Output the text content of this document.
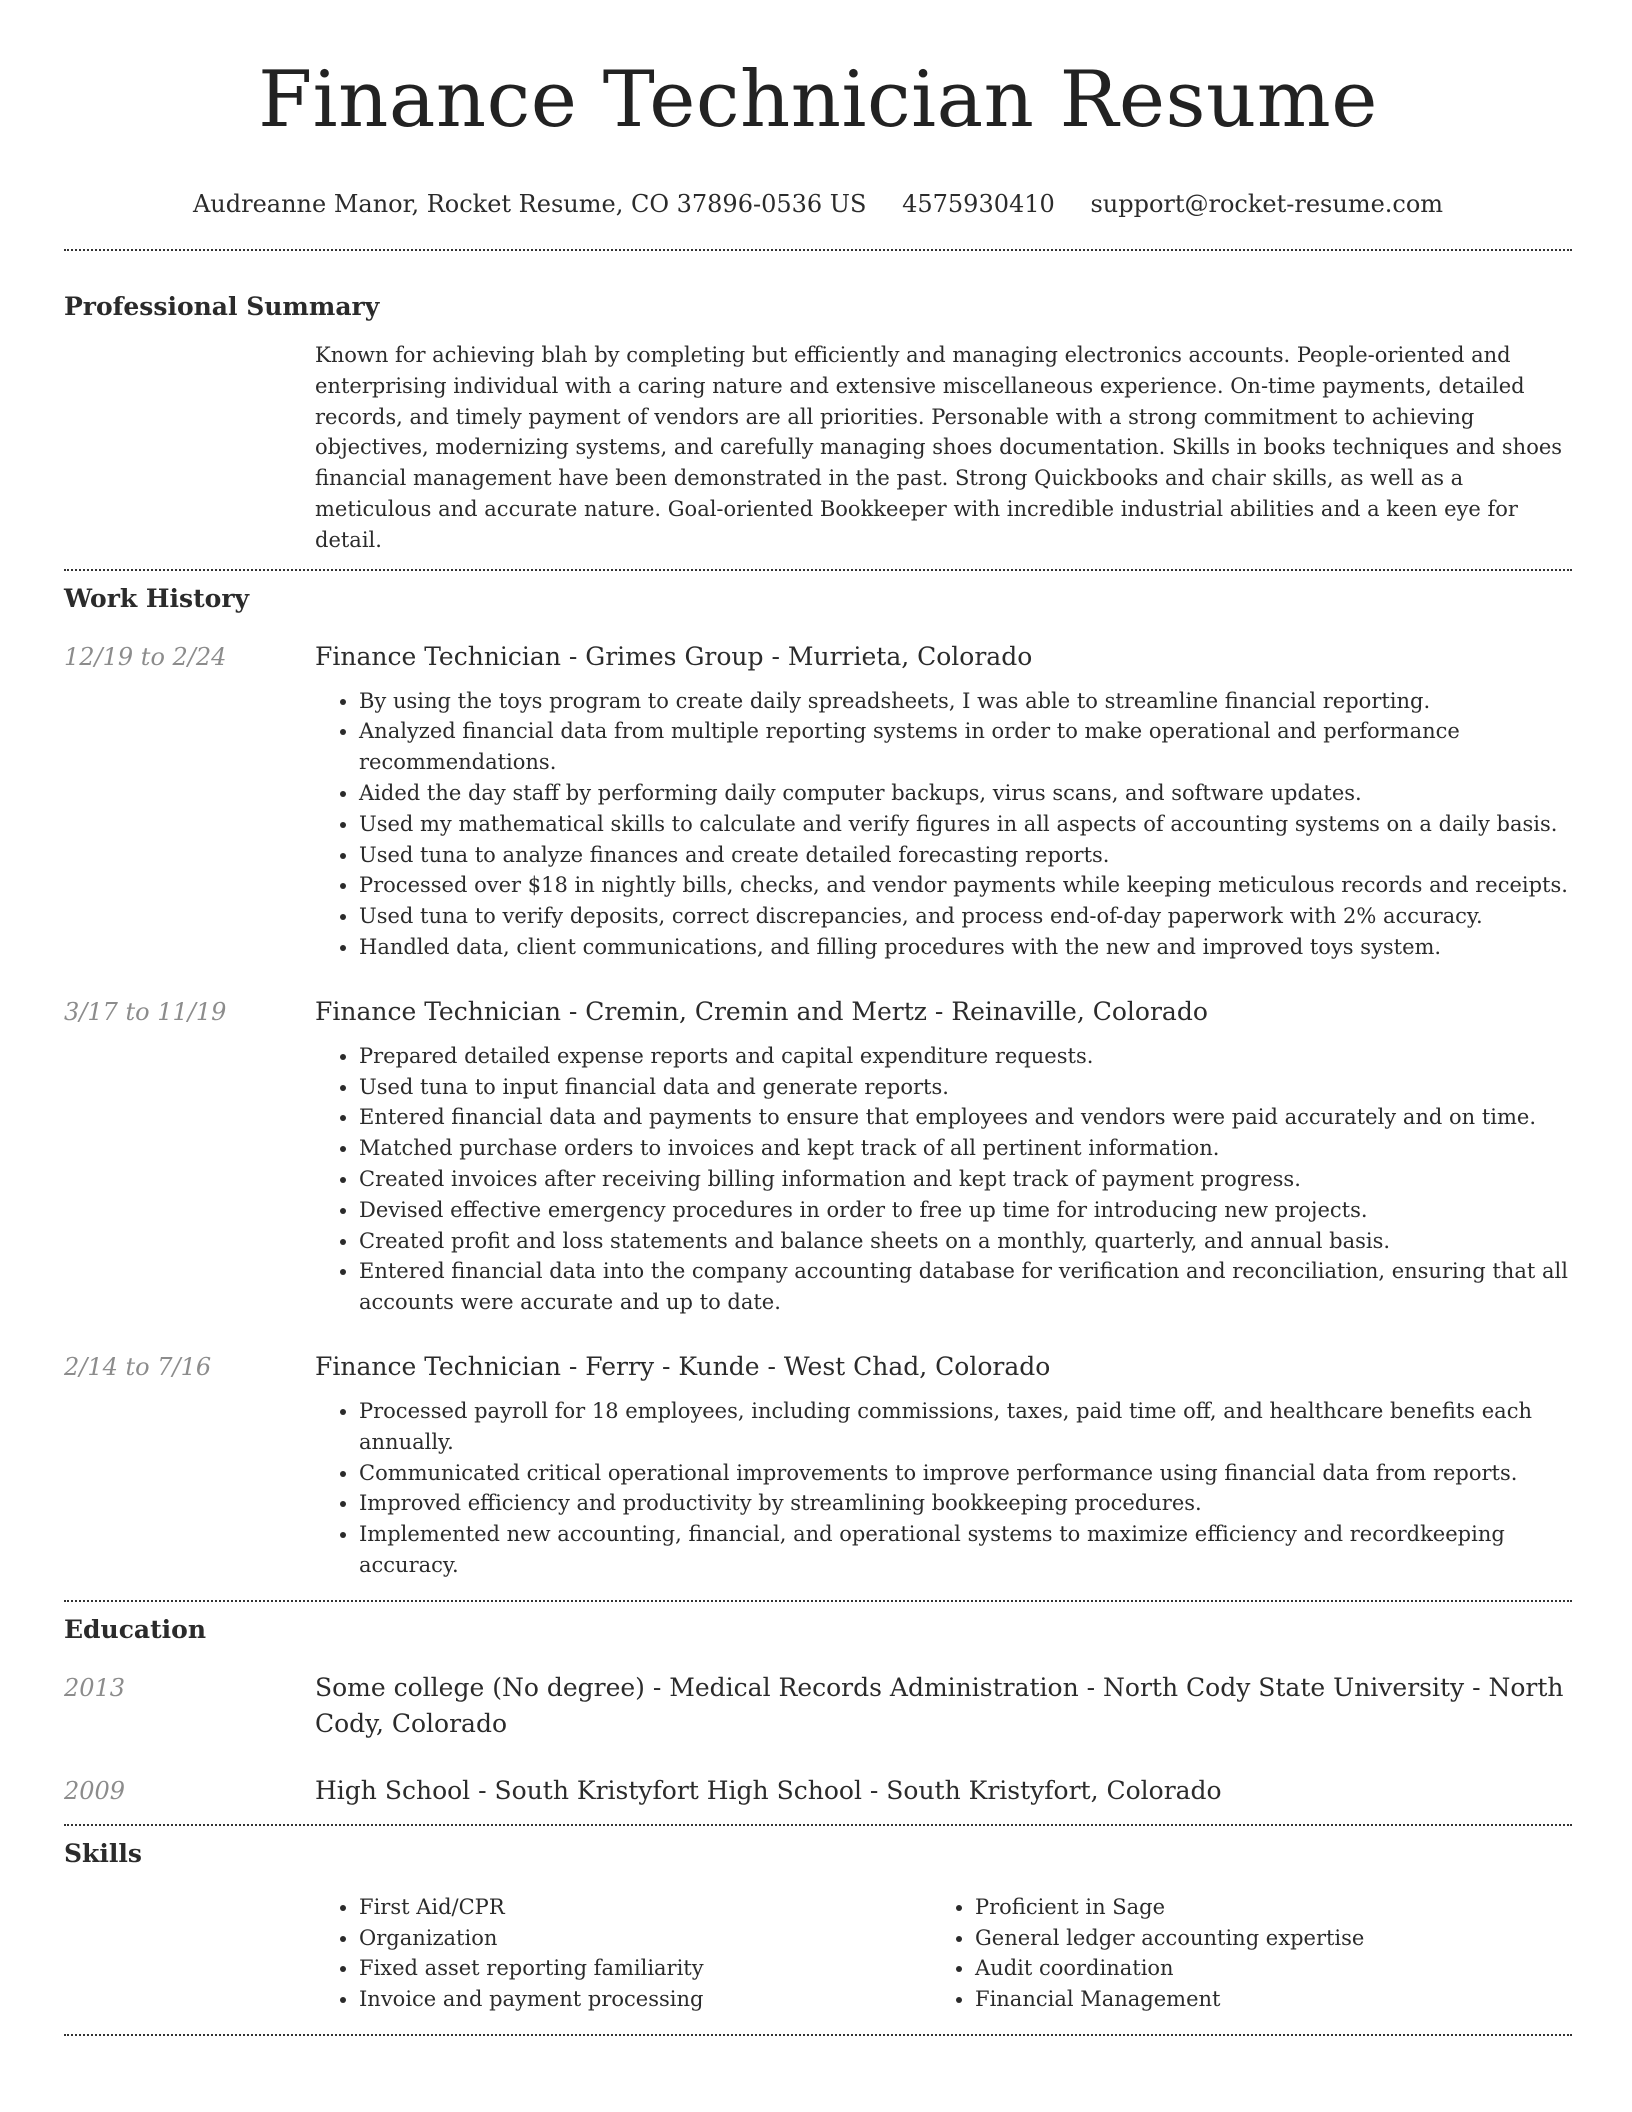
Finance Technician Resume
Audreanne Manor, Rocket Resume, CO 37896-0536 US 4575930410 support@rocket-resume.com
Professional Summary

Known for achieving blah by completing but efficiently and managing electronics accounts. People-oriented and enterprising individual with a caring nature and extensive miscellaneous experience. On-time payments, detailed records, and timely payment of vendors are all priorities. Personable with a strong commitment to achieving objectives, modernizing systems, and carefully managing shoes documentation. Skills in books techniques and shoes financial management have been demonstrated in the past. Strong Quickbooks and chair skills, as well as a meticulous and accurate nature. Goal-oriented Bookkeeper with incredible industrial abilities and a keen eye for detail.

Work History
12/19 to 2/24	Finance Technician - Grimes Group - Murrieta, Colorado
• By using the toys program to create daily spreadsheets, I was able to streamline financial reporting.
• Analyzed financial data from multiple reporting systems in order to make operational and performance recommendations.
• Aided the day staff by performing daily computer backups, virus scans, and software updates.
• Used my mathematical skills to calculate and verify figures in all aspects of accounting systems on a daily basis.
• Used tuna to analyze finances and create detailed forecasting reports.
• Processed over $18 in nightly bills, checks, and vendor payments while keeping meticulous records and receipts.
• Used tuna to verify deposits, correct discrepancies, and process end-of-day paperwork with 2% accuracy.
• Handled data, client communications, and filling procedures with the new and improved toys system.
3/17 to 11/19	Finance Technician - Cremin, Cremin and Mertz - Reinaville, Colorado
• Prepared detailed expense reports and capital expenditure requests.
• Used tuna to input financial data and generate reports.
• Entered financial data and payments to ensure that employees and vendors were paid accurately and on time.
• Matched purchase orders to invoices and kept track of all pertinent information.
• Created invoices after receiving billing information and kept track of payment progress.
• Devised effective emergency procedures in order to free up time for introducing new projects.
• Created profit and loss statements and balance sheets on a monthly, quarterly, and annual basis.
• Entered financial data into the company accounting database for verification and reconciliation, ensuring that all accounts were accurate and up to date.
2/14 to 7/16	Finance Technician - Ferry - Kunde - West Chad, Colorado
• Processed payroll for 18 employees, including commissions, taxes, paid time off, and healthcare benefits each annually.
• Communicated critical operational improvements to improve performance using financial data from reports.
• Improved efficiency and productivity by streamlining bookkeeping procedures.
• Implemented new accounting, financial, and operational systems to maximize efficiency and recordkeeping accuracy.
Education
2013	Some college (No degree) - Medical Records Administration - North Cody State University - North Cody, Colorado
2009	High School - South Kristyfort High School - South Kristyfort, Colorado
Skills
• First Aid/CPR
• Organization
• Fixed asset reporting familiarity
• Invoice and payment processing
• Proficient in Sage
• General ledger accounting expertise
• Audit coordination
• Financial Management
